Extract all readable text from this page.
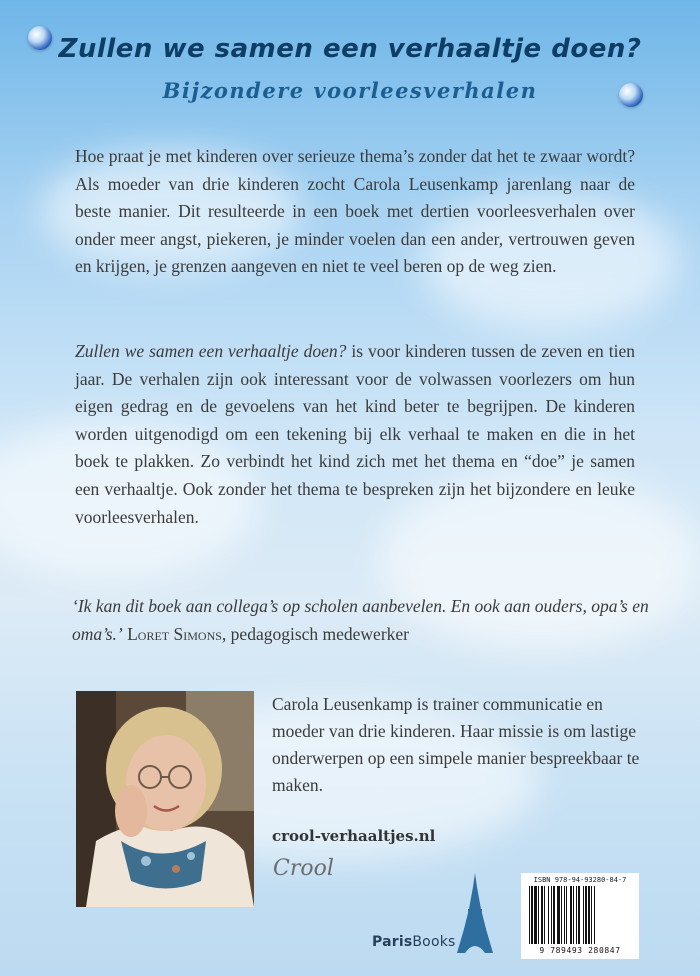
Zullen we samen een verhaaltje doen?
Bijzondere voorleesverhalen

Hoe praat je met kinderen over serieuze thema’s zonder dat het te zwaar wordt? Als moeder van drie kinderen zocht Carola Leusenkamp jarenlang naar de beste manier. Dit resulteerde in een boek met dertien voorleesverhalen over onder meer angst, piekeren, je minder voelen dan een ander, vertrouwen geven en krijgen, je grenzen aangeven en niet te veel beren op de weg zien.

Zullen we samen een verhaaltje doen? is voor kinderen tussen de zeven en tien jaar. De verhalen zijn ook interessant voor de volwassen voorlezers om hun eigen gedrag en de gevoelens van het kind beter te begrijpen. De kinderen worden uitgenodigd om een tekening bij elk verhaal te maken en die in het boek te plakken. Zo verbindt het kind zich met het thema en “doe” je samen een verhaaltje. Ook zonder het thema te bespreken zijn het bijzondere en leuke voorleesverhalen.

‘Ik kan dit boek aan collega’s op scholen aanbevelen. En ook aan ouders, opa’s en oma’s.’ Loret Simons, pedagogisch medewerker

Carola Leusenkamp is trainer communicatie en moeder van drie kinderen. Haar missie is om lastige onderwerpen op een simpele manier bespreekbaar te maken.

crool-verhaaltjes.nl

Crool

ParisBooks

ISBN 978-94-93280-84-7

9 789493 280847
